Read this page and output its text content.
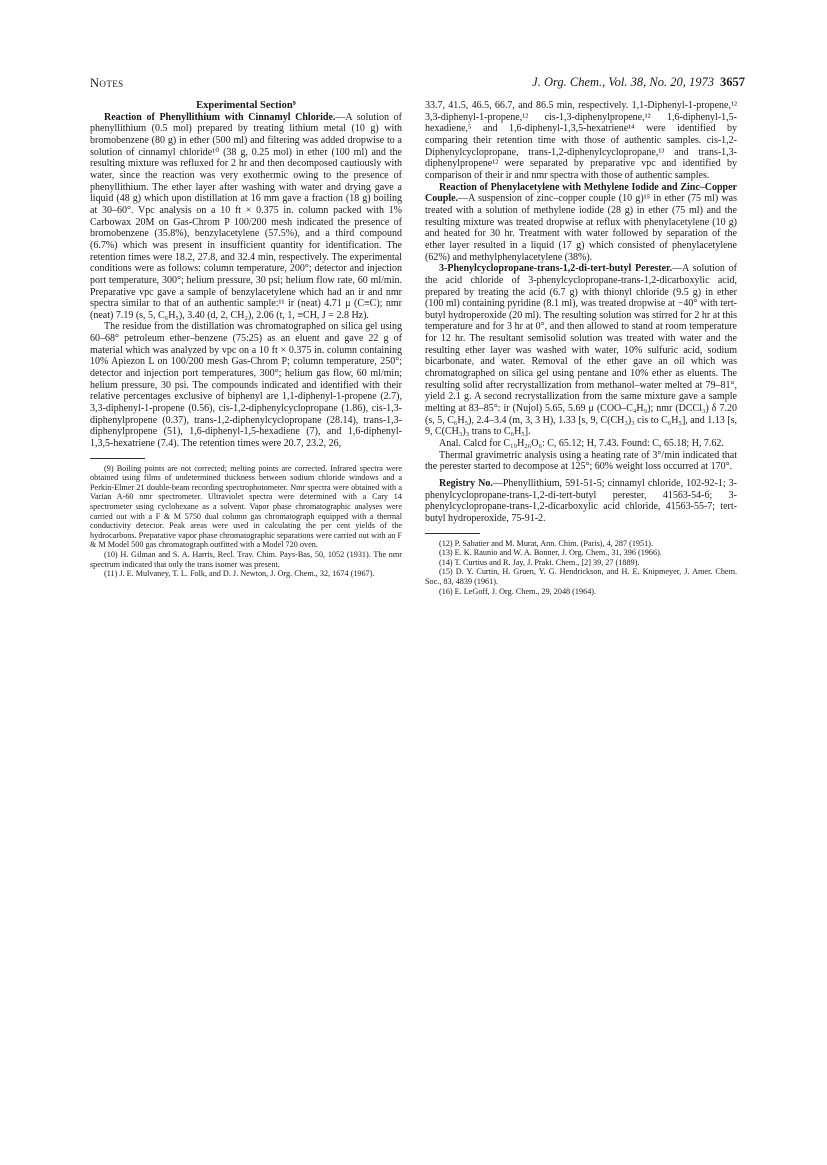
Notes	J. Org. Chem., Vol. 38, No. 20, 1973 3657

Experimental Section⁹

Reaction of Phenyllithium with Cinnamyl Chloride.—A solution of phenyllithium (0.5 mol) prepared by treating lithium metal (10 g) with bromobenzene (80 g) in ether (500 ml) and filtering was added dropwise to a solution of cinnamyl chloride¹⁰ (38 g, 0.25 mol) in ether (100 ml) and the resulting mixture was refluxed for 2 hr and then decomposed cautiously with water, since the reaction was very exothermic owing to the presence of phenyllithium. The ether layer after washing with water and drying gave a liquid (48 g) which upon distillation at 16 mm gave a fraction (18 g) boiling at 30–60°. Vpc analysis on a 10 ft × 0.375 in. column packed with 1% Carbowax 20M on Gas-Chrom P 100/200 mesh indicated the presence of bromobenzene (35.8%), benzylacetylene (57.5%), and a third compound (6.7%) which was present in insufficient quantity for identification. The retention times were 18.2, 27.8, and 32.4 min, respectively. The experimental conditions were as follows: column temperature, 200°; detector and injection port temperature, 300°; helium pressure, 30 psi; helium flow rate, 60 ml/min. Preparative vpc gave a sample of benzylacetylene which had an ir and nmr spectra similar to that of an authentic sample:¹¹ ir (neat) 4.71 μ (C≡C); nmr (neat) 7.19 (s, 5, C₆H₅), 3.40 (d, 2, CH₂), 2.06 (t, 1, ≡CH, J = 2.8 Hz).

The residue from the distillation was chromatographed on silica gel using 60–68° petroleum ether–benzene (75:25) as an eluent and gave 22 g of material which was analyzed by vpc on a 10 ft × 0.375 in. column containing 10% Apiezon L on 100/200 mesh Gas-Chrom P; column temperature, 250°; detector and injection port temperatures, 300°; helium gas flow, 60 ml/min; helium pressure, 30 psi. The compounds indicated and identified with their relative percentages exclusive of biphenyl are 1,1-diphenyl-1-propene (2.7), 3,3-diphenyl-1-propene (0.56), cis-1,2-diphenylcyclopropane (1.86), cis-1,3-diphenylpropene (0.37), trans-1,2-diphenylcyclopropane (28.14), trans-1,3-diphenylpropene (51), 1,6-diphenyl-1,5-hexadiene (7), and 1,6-diphenyl-1,3,5-hexatriene (7.4). The retention times were 20.7, 23.2, 26,

(9) Boiling points are not corrected; melting points are corrected. Infrared spectra were obtained using films of undetermined thickness between sodium chloride windows and a Perkin-Elmer 21 double-beam recording spectrophotometer. Nmr spectra were obtained with a Varian A-60 nmr spectrometer. Ultraviolet spectra were determined with a Cary 14 spectrometer using cyclohexane as a solvent. Vapor phase chromatographic analyses were carried out with a F & M 5750 dual column gas chromatograph equipped with a thermal conductivity detector. Peak areas were used in calculating the per cent yields of the hydrocarbons. Preparative vapor phase chromatographic separations were carried out with an F & M Model 500 gas chromatograph outfitted with a Model 720 oven.

(10) H. Gilman and S. A. Harris, Recl. Trav. Chim. Pays-Bas, 50, 1052 (1931). The nmr spectrum indicated that only the trans isomer was present.

(11) J. E. Mulvaney, T. L. Folk, and D. J. Newton, J. Org. Chem., 32, 1674 (1967).

33.7, 41.5, 46.5, 66.7, and 86.5 min, respectively. 1,1-Diphenyl-1-propene,¹² 3,3-diphenyl-1-propene,¹² cis-1,3-diphenylpropene,¹² 1,6-diphenyl-1,5-hexadiene,⁵ and 1,6-diphenyl-1,3,5-hexatriene¹⁴ were identified by comparing their retention time with those of authentic samples. cis-1,2-Diphenylcyclopropane, trans-1,2-diphenylcyclopropane,¹³ and trans-1,3-diphenylpropene¹² were separated by preparative vpc and identified by comparison of their ir and nmr spectra with those of authentic samples.

Reaction of Phenylacetylene with Methylene Iodide and Zinc–Copper Couple.—A suspension of zinc–copper couple (10 g)¹⁵ in ether (75 ml) was treated with a solution of methylene iodide (28 g) in ether (75 ml) and the resulting mixture was treated dropwise at reflux with phenylacetylene (10 g) and heated for 30 hr. Treatment with water followed by separation of the ether layer resulted in a liquid (17 g) which consisted of phenylacetylene (62%) and methylphenylacetylene (38%).

3-Phenylcyclopropane-trans-1,2-di-tert-butyl Perester.—A solution of the acid chloride of 3-phenylcyclopropane-trans-1,2-dicarboxylic acid, prepared by treating the acid (6.7 g) with thionyl chloride (9.5 g) in ether (100 ml) containing pyridine (8.1 ml), was treated dropwise at −40° with tert-butyl hydroperoxide (20 ml). The resulting solution was stirred for 2 hr at this temperature and for 3 hr at 0°, and then allowed to stand at room temperature for 12 hr. The resultant semisolid solution was treated with water and the resulting ether layer was washed with water, 10% sulfuric acid, sodium bicarbonate, and water. Removal of the ether gave an oil which was chromatographed on silica gel using pentane and 10% ether as eluents. The resulting solid after recrystallization from methanol–water melted at 79–81°, yield 2.1 g. A second recrystallization from the same mixture gave a sample melting at 83–85°: ir (Nujol) 5.65, 5.69 μ (COO–C₄H₉); nmr (DCCl₃) δ 7.20 (s, 5, C₆H₅), 2.4–3.4 (m, 3, 3 H), 1.33 [s, 9, C(CH₃)₃ cis to C₆H₅], and 1.13 [s, 9, C(CH₃)₃ trans to C₆H₅].

Anal. Calcd for C₁₉H₂₆O₆: C, 65.12; H, 7.43. Found: C, 65.18; H, 7.62.

Thermal gravimetric analysis using a heating rate of 3°/min indicated that the perester started to decompose at 125°; 60% weight loss occurred at 170°.

Registry No.—Phenyllithium, 591-51-5; cinnamyl chloride, 102-92-1; 3-phenylcyclopropane-trans-1,2-di-tert-butyl perester, 41563-54-6; 3-phenylcyclopropane-trans-1,2-dicarboxylic acid chloride, 41563-55-7; tert-butyl hydroperoxide, 75-91-2.

(12) P. Sabatier and M. Murat, Ann. Chim. (Paris), 4, 287 (1951).

(13) E. K. Raunio and W. A. Bonner, J. Org. Chem., 31, 396 (1966).

(14) T. Curtius and R. Jay, J. Prakt. Chem., [2] 39, 27 (1889).

(15) D. Y. Curtin, H. Gruen, Y. G. Hendrickson, and H. E. Knipmeyer, J. Amer. Chem. Soc., 83, 4839 (1961).

(16) E. LeGoff, J. Org. Chem., 29, 2048 (1964).
